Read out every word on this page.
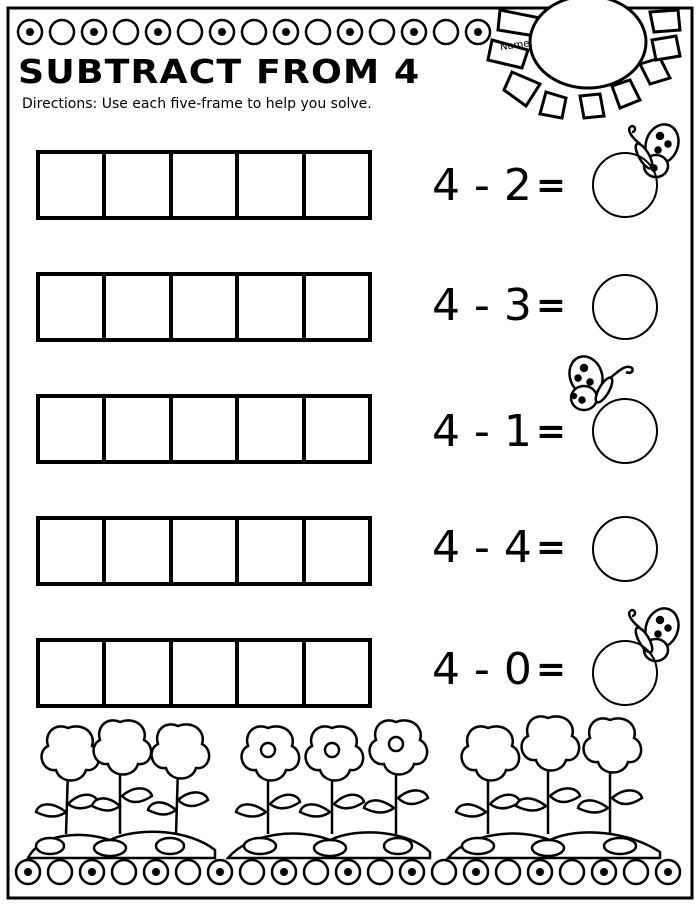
Name:
SUBTRACT FROM 4
Directions: Use each five-frame to help you solve.
4 - 2 =
4 - 3 =
4 - 1 =
4 - 4 =
4 - 0 =
